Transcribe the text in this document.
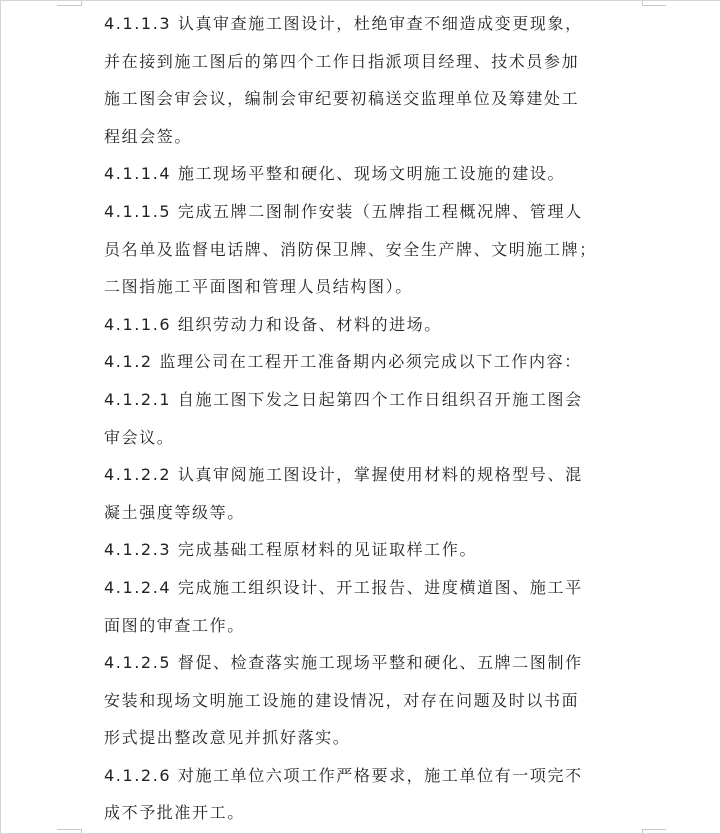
4.1.1.3 认真审查施工图设计，杜绝审查不细造成变更现象，
并在接到施工图后的第四个工作日指派项目经理、技术员参加
施工图会审会议，编制会审纪要初稿送交监理单位及筹建处工
程组会签。

4.1.1.4 施工现场平整和硬化、现场文明施工设施的建设。

4.1.1.5 完成五牌二图制作安装（五牌指工程概况牌、管理人
员名单及监督电话牌、消防保卫牌、安全生产牌、文明施工牌；
二图指施工平面图和管理人员结构图）。

4.1.1.6 组织劳动力和设备、材料的进场。

4.1.2 监理公司在工程开工准备期内必须完成以下工作内容：

4.1.2.1 自施工图下发之日起第四个工作日组织召开施工图会
审会议。

4.1.2.2 认真审阅施工图设计，掌握使用材料的规格型号、混
凝土强度等级等。

4.1.2.3 完成基础工程原材料的见证取样工作。

4.1.2.4 完成施工组织设计、开工报告、进度横道图、施工平
面图的审查工作。

4.1.2.5 督促、检查落实施工现场平整和硬化、五牌二图制作
安装和现场文明施工设施的建设情况，对存在问题及时以书面
形式提出整改意见并抓好落实。

4.1.2.6 对施工单位六项工作严格要求，施工单位有一项完不
成不予批准开工。
